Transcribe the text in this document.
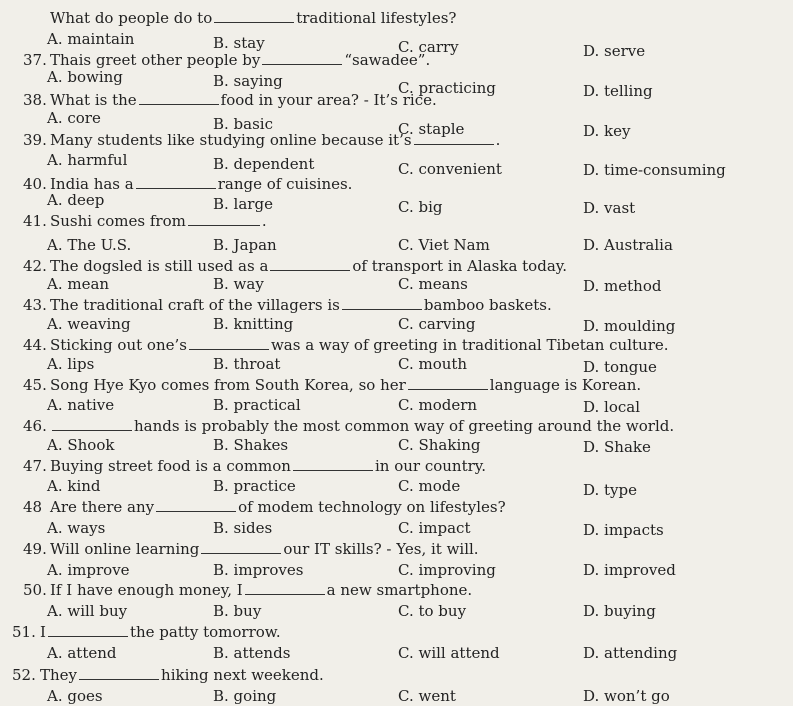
What do people do to	traditional lifestyles?
A. maintain	B. stay	C. carry	D. serve
37. Thais greet other people by	“sawadee”.
A. bowing	B. saying	C. practicing	D. telling
38. What is the	food in your area? - It’s rice.
A. core	B. basic	C. staple	D. key
39. Many students like studying online because it’s	.
A. harmful	B. dependent	C. convenient	D. time-consuming
40. India has a	range of cuisines.
A. deep	B. large	C. big	D. vast
41. Sushi comes from	.
A. The U.S.	B. Japan	C. Viet Nam	D. Australia
42. The dogsled is still used as a	of transport in Alaska today.
A. mean	B. way	C. means	D. method
43. The traditional craft of the villagers is	bamboo baskets.
A. weaving	B. knitting	C. carving	D. moulding
44. Sticking out one’s	was a way of greeting in traditional Tibetan culture.
A. lips	B. throat	C. mouth	D. tongue
45. Song Hye Kyo comes from South Korea, so her	language is Korean.
A. native	B. practical	C. modern	D. local
46.	hands is probably the most common way of greeting around the world.
A. Shook	B. Shakes	C. Shaking	D. Shake
47. Buying street food is a common	in our country.
A. kind	B. practice	C. mode	D. type
48 Are there any	of modem technology on lifestyles?
A. ways	B. sides	C. impact	D. impacts
49. Will online learning	our IT skills? - Yes, it will.
A. improve	B. improves	C. improving	D. improved
50. If I have enough money, I	a new smartphone.
A. will buy	B. buy	C. to buy	D. buying
51. I	the patty tomorrow.
A. attend	B. attends	C. will attend	D. attending
52. They	hiking next weekend.
A. goes	B. going	C. went	D. won’t go
